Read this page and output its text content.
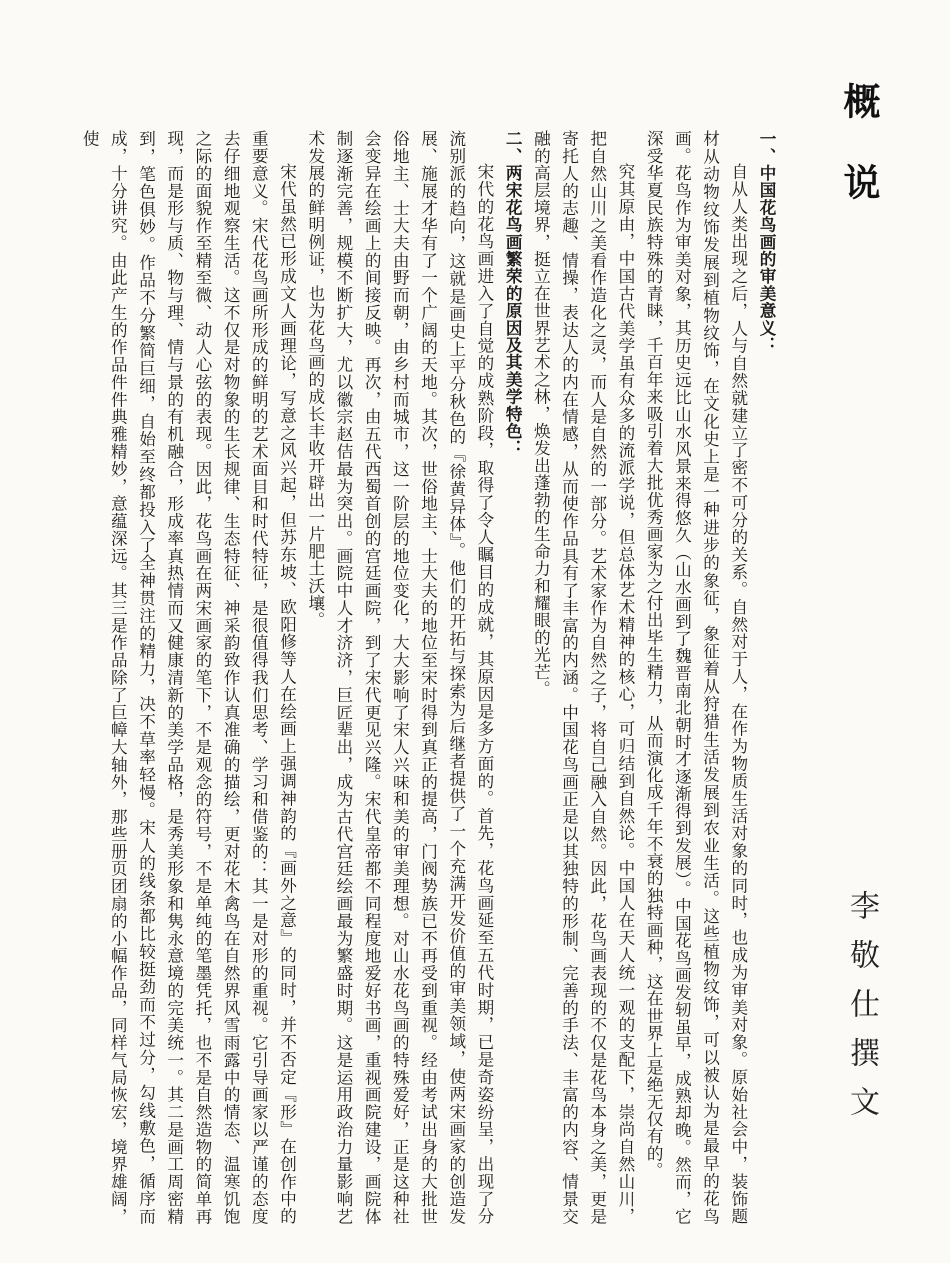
概说
李敬仕撰文
一、中国花鸟画的审美意义：

自从人类出现之后，人与自然就建立了密不可分的关系。自然对于人，在作为物质生活对象的同时，也成为审美对象。原始社会中，装饰题材从动物纹饰发展到植物纹饰，在文化史上是一种进步的象征，象征着从狩猎生活发展到农业生活。这些植物纹饰，可以被认为是最早的花鸟画。花鸟作为审美对象，其历史远比山水风景来得悠久（山水画到了魏晋南北朝时才逐渐得到发展）。中国花鸟画发轫虽早，成熟却晚。然而，它深受华夏民族特殊的青睐，千百年来吸引着大批优秀画家为之付出毕生精力，从而演化成千年不衰的独特画种，这在世界上是绝无仅有的。

究其原由，中国古代美学虽有众多的流派学说，但总体艺术精神的核心，可归结到自然论。中国人在天人统一观的支配下，崇尚自然山川，把自然山川之美看作造化之灵，而人是自然的一部分。艺术家作为自然之子，将自己融入自然。因此，花鸟画表现的不仅是花鸟本身之美，更是寄托人的志趣、情操，表达人的内在情感，从而使作品具有了丰富的内涵。中国花鸟画正是以其独特的形制、完善的手法、丰富的内容、情景交融的高层境界，挺立在世界艺术之林，焕发出蓬勃的生命力和耀眼的光芒。

二、两宋花鸟画繁荣的原因及其美学特色：

宋代的花鸟画进入了自觉的成熟阶段，取得了令人瞩目的成就，其原因是多方面的。首先，花鸟画延至五代时期，已是奇姿纷呈，出现了分流别派的趋向，这就是画史上平分秋色的『徐黄异体』。他们的开拓与探索为后继者提供了一个充满开发价值的审美领域，使两宋画家的创造发展、施展才华有了一个广阔的天地。其次，世俗地主、士大夫的地位至宋时得到真正的提高，门阀势族已不再受到重视。经由考试出身的大批世俗地主、士大夫由野而朝，由乡村而城市，这一阶层的地位变化，大大影响了宋人兴味和美的审美理想。对山水花鸟画的特殊爱好，正是这种社会变异在绘画上的间接反映。再次，由五代西蜀首创的宫廷画院，到了宋代更见兴隆。宋代皇帝都不同程度地爱好书画，重视画院建设，画院体制逐渐完善，规模不断扩大，尤以徽宗赵佶最为突出。画院中人才济济，巨匠辈出，成为古代宫廷绘画最为繁盛时期。这是运用政治力量影响艺术发展的鲜明例证，也为花鸟画的成长丰收开辟出一片肥土沃壤。

宋代虽然已形成文人画理论，写意之风兴起，但苏东坡、欧阳修等人在绘画上强调神韵的『画外之意』的同时，并不否定『形』在创作中的重要意义。宋代花鸟画所形成的鲜明的艺术面目和时代特征，是很值得我们思考、学习和借鉴的：其一是对形的重视。它引导画家以严谨的态度去仔细地观察生活。这不仅是对物象的生长规律、生态特征、神采韵致作认真准确的描绘，更对花木禽鸟在自然界风雪雨露中的情态、温寒饥饱之际的面貌作至精至微、动人心弦的表现。因此，花鸟画在两宋画家的笔下，不是观念的符号，不是单纯的笔墨凭托，也不是自然造物的简单再现，而是形与质、物与理、情与景的有机融合，形成率真热情而又健康清新的美学品格，是秀美形象和隽永意境的完美统一。其二是画工周密精到，笔色俱妙。作品不分繁简巨细，自始至终都投入了全神贯注的精力，决不草率轻慢。宋人的线条都比较挺劲而不过分，勾线敷色，循序而成，十分讲究。由此产生的作品件件典雅精妙，意蕴深远。其三是作品除了巨幛大轴外，那些册页团扇的小幅作品，同样气局恢宏，境界雄阔，使
